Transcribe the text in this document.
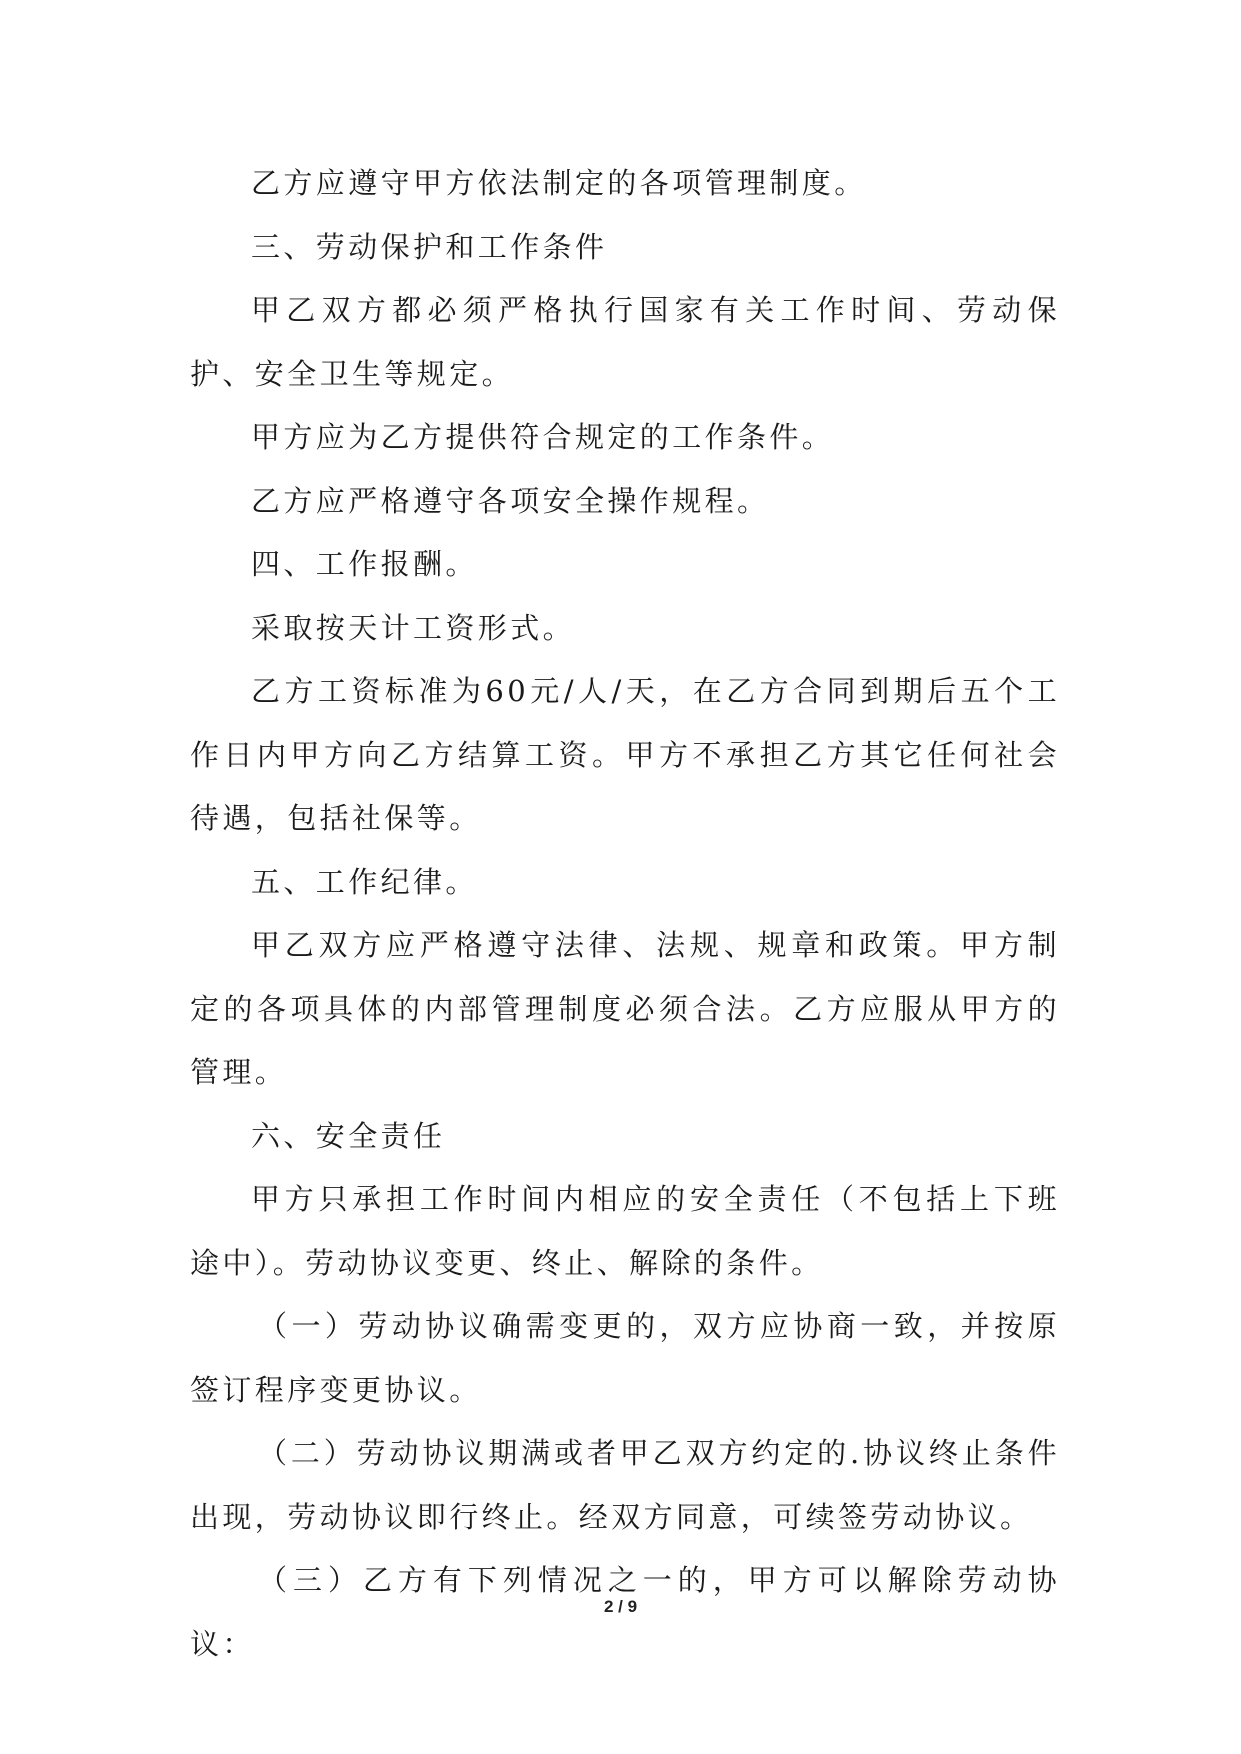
乙方应遵守甲方依法制定的各项管理制度。

三、劳动保护和工作条件

甲乙双方都必须严格执行国家有关工作时间、劳动保护、安全卫生等规定。

甲方应为乙方提供符合规定的工作条件。

乙方应严格遵守各项安全操作规程。

四、工作报酬。

采取按天计工资形式。

乙方工资标准为60元/人/天，在乙方合同到期后五个工作日内甲方向乙方结算工资。甲方不承担乙方其它任何社会待遇，包括社保等。

五、工作纪律。

甲乙双方应严格遵守法律、法规、规章和政策。甲方制定的各项具体的内部管理制度必须合法。乙方应服从甲方的管理。

六、安全责任

甲方只承担工作时间内相应的安全责任（不包括上下班途中）。劳动协议变更、终止、解除的条件。

（一）劳动协议确需变更的，双方应协商一致，并按原签订程序变更协议。

（二）劳动协议期满或者甲乙双方约定的.协议终止条件出现，劳动协议即行终止。经双方同意，可续签劳动协议。

（三）乙方有下列情况之一的，甲方可以解除劳动协议：

2 / 9
